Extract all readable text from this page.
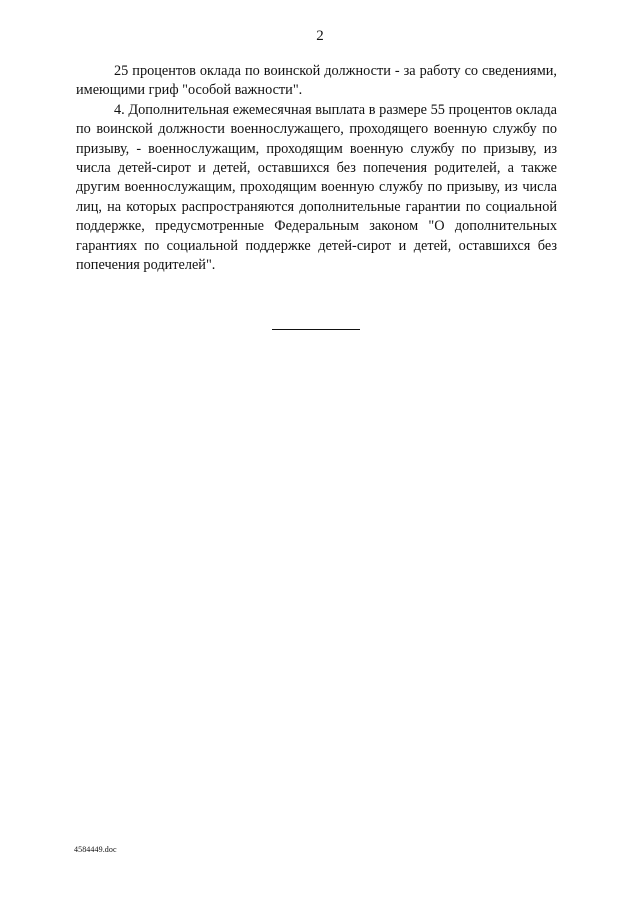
2

25 процентов оклада по воинской должности - за работу со сведениями, имеющими гриф "особой важности".

4. Дополнительная ежемесячная выплата в размере 55 процентов оклада по воинской должности военнослужащего, проходящего военную службу по призыву, - военнослужащим, проходящим военную службу по призыву, из числа детей-сирот и детей, оставшихся без попечения родителей, а также другим военнослужащим, проходящим военную службу по призыву, из числа лиц, на которых распространяются дополнительные гарантии по социальной поддержке, предусмотренные Федеральным законом "О дополнительных гарантиях по социальной поддержке детей-сирот и детей, оставшихся без попечения родителей".

4584449.doc
